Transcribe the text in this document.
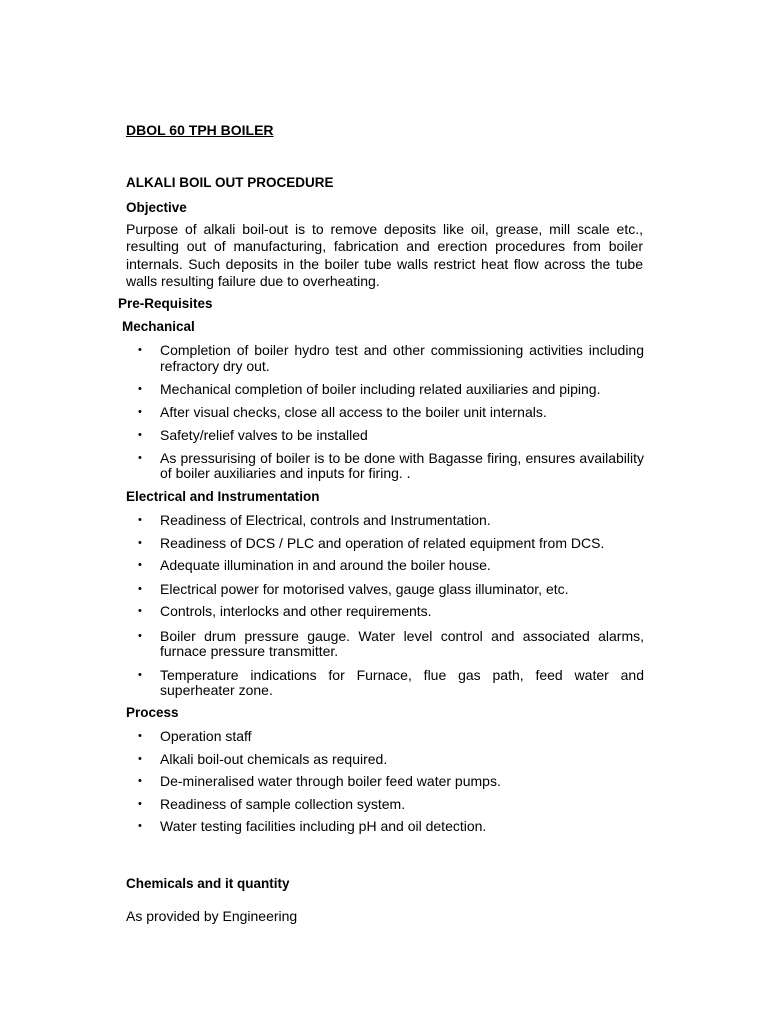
DBOL 60 TPH BOILER
ALKALI BOIL OUT PROCEDURE
Objective
Purpose of alkali boil-out is to remove deposits like oil, grease, mill scale etc., resulting out of manufacturing, fabrication and erection procedures from boiler internals. Such deposits in the boiler tube walls restrict heat flow across the tube walls resulting failure due to overheating.
Pre-Requisites
Mechanical
• Completion of boiler hydro test and other commissioning activities including refractory dry out.
• Mechanical completion of boiler including related auxiliaries and piping.
• After visual checks, close all access to the boiler unit internals.
• Safety/relief valves to be installed
• As pressurising of boiler is to be done with Bagasse firing, ensures availability of boiler auxiliaries and inputs for firing. .
Electrical and Instrumentation
• Readiness of Electrical, controls and Instrumentation.
• Readiness of DCS / PLC and operation of related equipment from DCS.
• Adequate illumination in and around the boiler house.
• Electrical power for motorised valves, gauge glass illuminator, etc.
• Controls, interlocks and other requirements.
• Boiler drum pressure gauge. Water level control and associated alarms, furnace pressure transmitter.
• Temperature indications for Furnace, flue gas path, feed water and superheater zone.
Process
• Operation staff
• Alkali boil-out chemicals as required.
• De-mineralised water through boiler feed water pumps.
• Readiness of sample collection system.
• Water testing facilities including pH and oil detection.
Chemicals and it quantity
As provided by Engineering
